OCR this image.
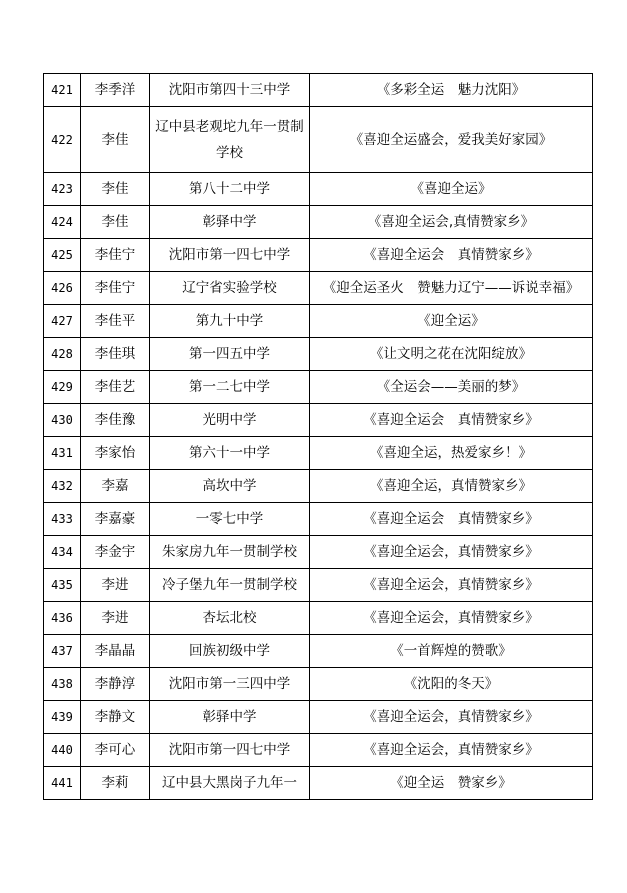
421	李季洋	沈阳市第四十三中学	《多彩全运　魅力沈阳》
422	李佳	辽中县老观坨九年一贯制学校	《喜迎全运盛会，爱我美好家园》
423	李佳	第八十二中学	《喜迎全运》
424	李佳	彰驿中学	《喜迎全运会,真情赞家乡》
425	李佳宁	沈阳市第一四七中学	《喜迎全运会　真情赞家乡》
426	李佳宁	辽宁省实验学校	《迎全运圣火　赞魅力辽宁——诉说幸福》
427	李佳平	第九十中学	《迎全运》
428	李佳琪	第一四五中学	《让文明之花在沈阳绽放》
429	李佳艺	第一二七中学	《全运会——美丽的梦》
430	李佳豫	光明中学	《喜迎全运会　真情赞家乡》
431	李家怡	第六十一中学	《喜迎全运，热爱家乡！》
432	李嘉	高坎中学	《喜迎全运，真情赞家乡》
433	李嘉豪	一零七中学	《喜迎全运会　真情赞家乡》
434	李金宇	朱家房九年一贯制学校	《喜迎全运会，真情赞家乡》
435	李进	冷子堡九年一贯制学校	《喜迎全运会，真情赞家乡》
436	李进	杏坛北校	《喜迎全运会，真情赞家乡》
437	李晶晶	回族初级中学	《一首辉煌的赞歌》
438	李静淳	沈阳市第一三四中学	《沈阳的冬天》
439	李静文	彰驿中学	《喜迎全运会，真情赞家乡》
440	李可心	沈阳市第一四七中学	《喜迎全运会，真情赞家乡》
441	李莉	辽中县大黑岗子九年一	《迎全运　赞家乡》
